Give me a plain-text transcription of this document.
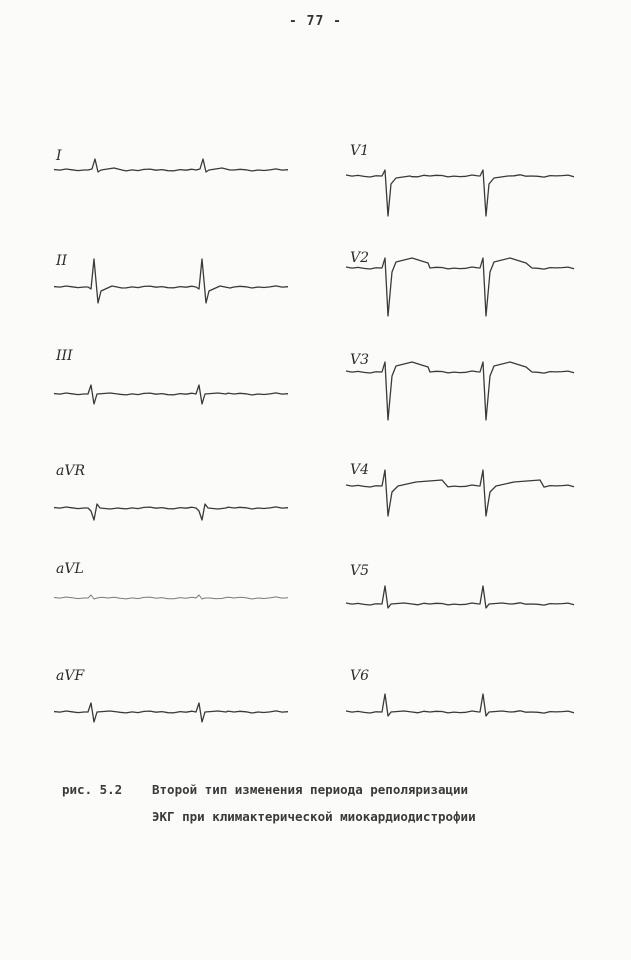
- 77 -
I
II
III
aVR
aVL
aVF
V1
V2
V3
V4
V5
V6
рис. 5.2 Второй тип изменения периода реполяризации
ЭКГ при климактерической миокардиодистрофии
